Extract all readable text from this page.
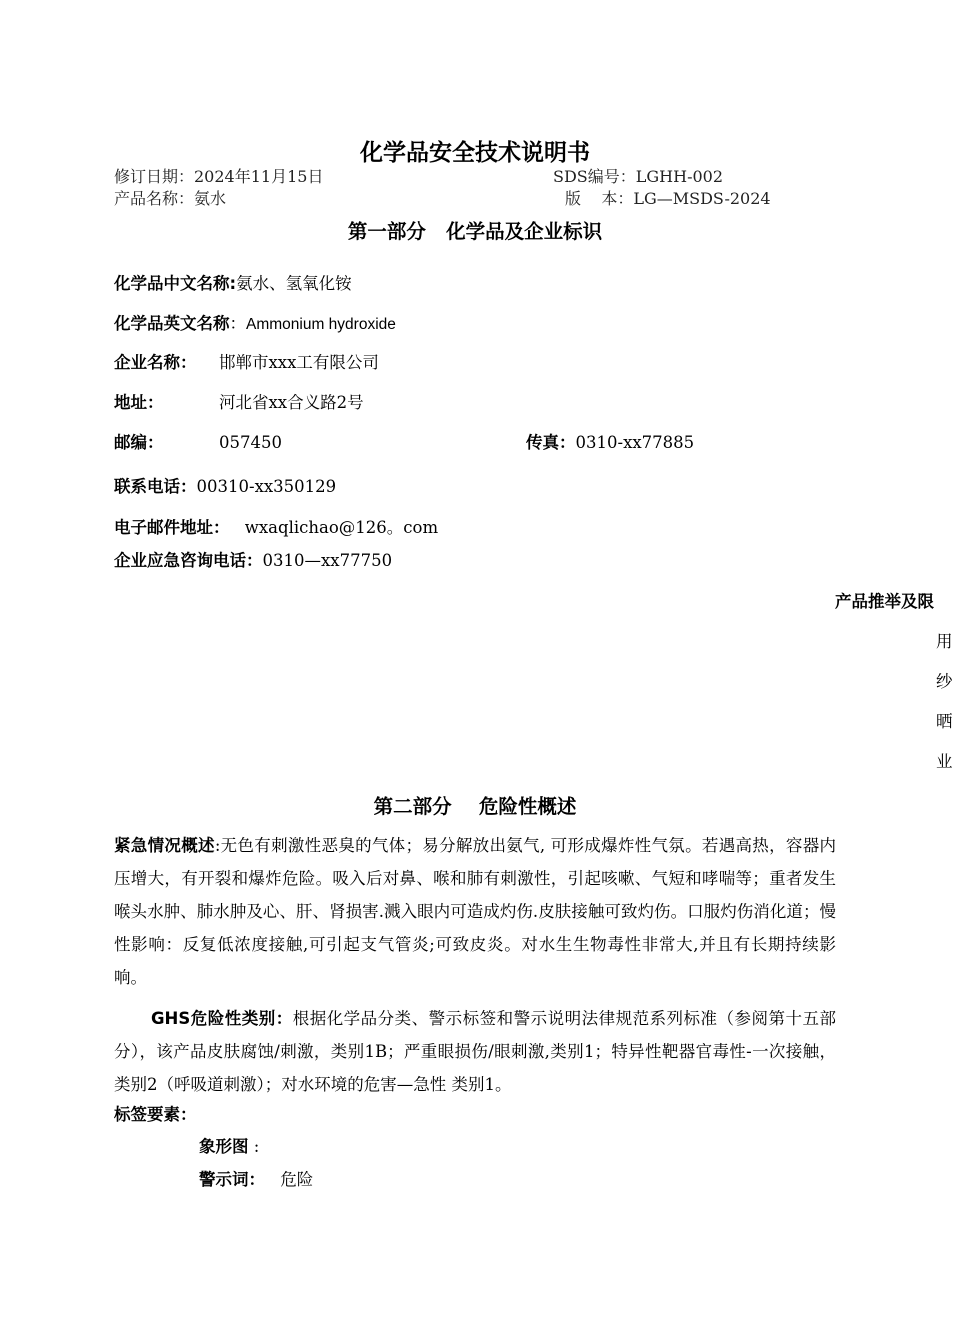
化学品安全技术说明书
修订日期：2024年11月15日	SDS编号：LGHH-002
产品名称：氨水	版    本：LG—MSDS-2024
第一部分   化学品及企业标识
化学品中文名称:氨水、氢氧化铵
化学品英文名称：Ammonium hydroxide
企业名称： 邯郸市xxx工有限公司
地址：	河北省xx合义路2号
邮编：	057450	传真：0310-xx77885
联系电话：00310-xx350129
电子邮件地址： wxaqlichao@126。com
企业应急咨询电话：0310—xx77750
产品推举及限
用
纱
晒
业
第二部分    危险性概述
紧急情况概述:无色有刺激性恶臭的气体；易分解放出氨气, 可形成爆炸性气氛。若遇高热，容器内压增大，有开裂和爆炸危险。吸入后对鼻、喉和肺有刺激性，引起咳嗽、气短和哮喘等；重者发生喉头水肿、肺水肿及心、肝、肾损害.溅入眼内可造成灼伤.皮肤接触可致灼伤。口服灼伤消化道；慢性影响：反复低浓度接触,可引起支气管炎;可致皮炎。对水生生物毒性非常大,并且有长期持续影响。
GHS危险性类别：根据化学品分类、警示标签和警示说明法律规范系列标准（参阅第十五部分），该产品皮肤腐蚀/刺激，类别1B；严重眼损伤/眼刺激,类别1；特异性靶器官毒性-一次接触，类别2（呼吸道刺激）；对水环境的危害—急性 类别1。
标签要素：
象形图 :
警示词： 危险
